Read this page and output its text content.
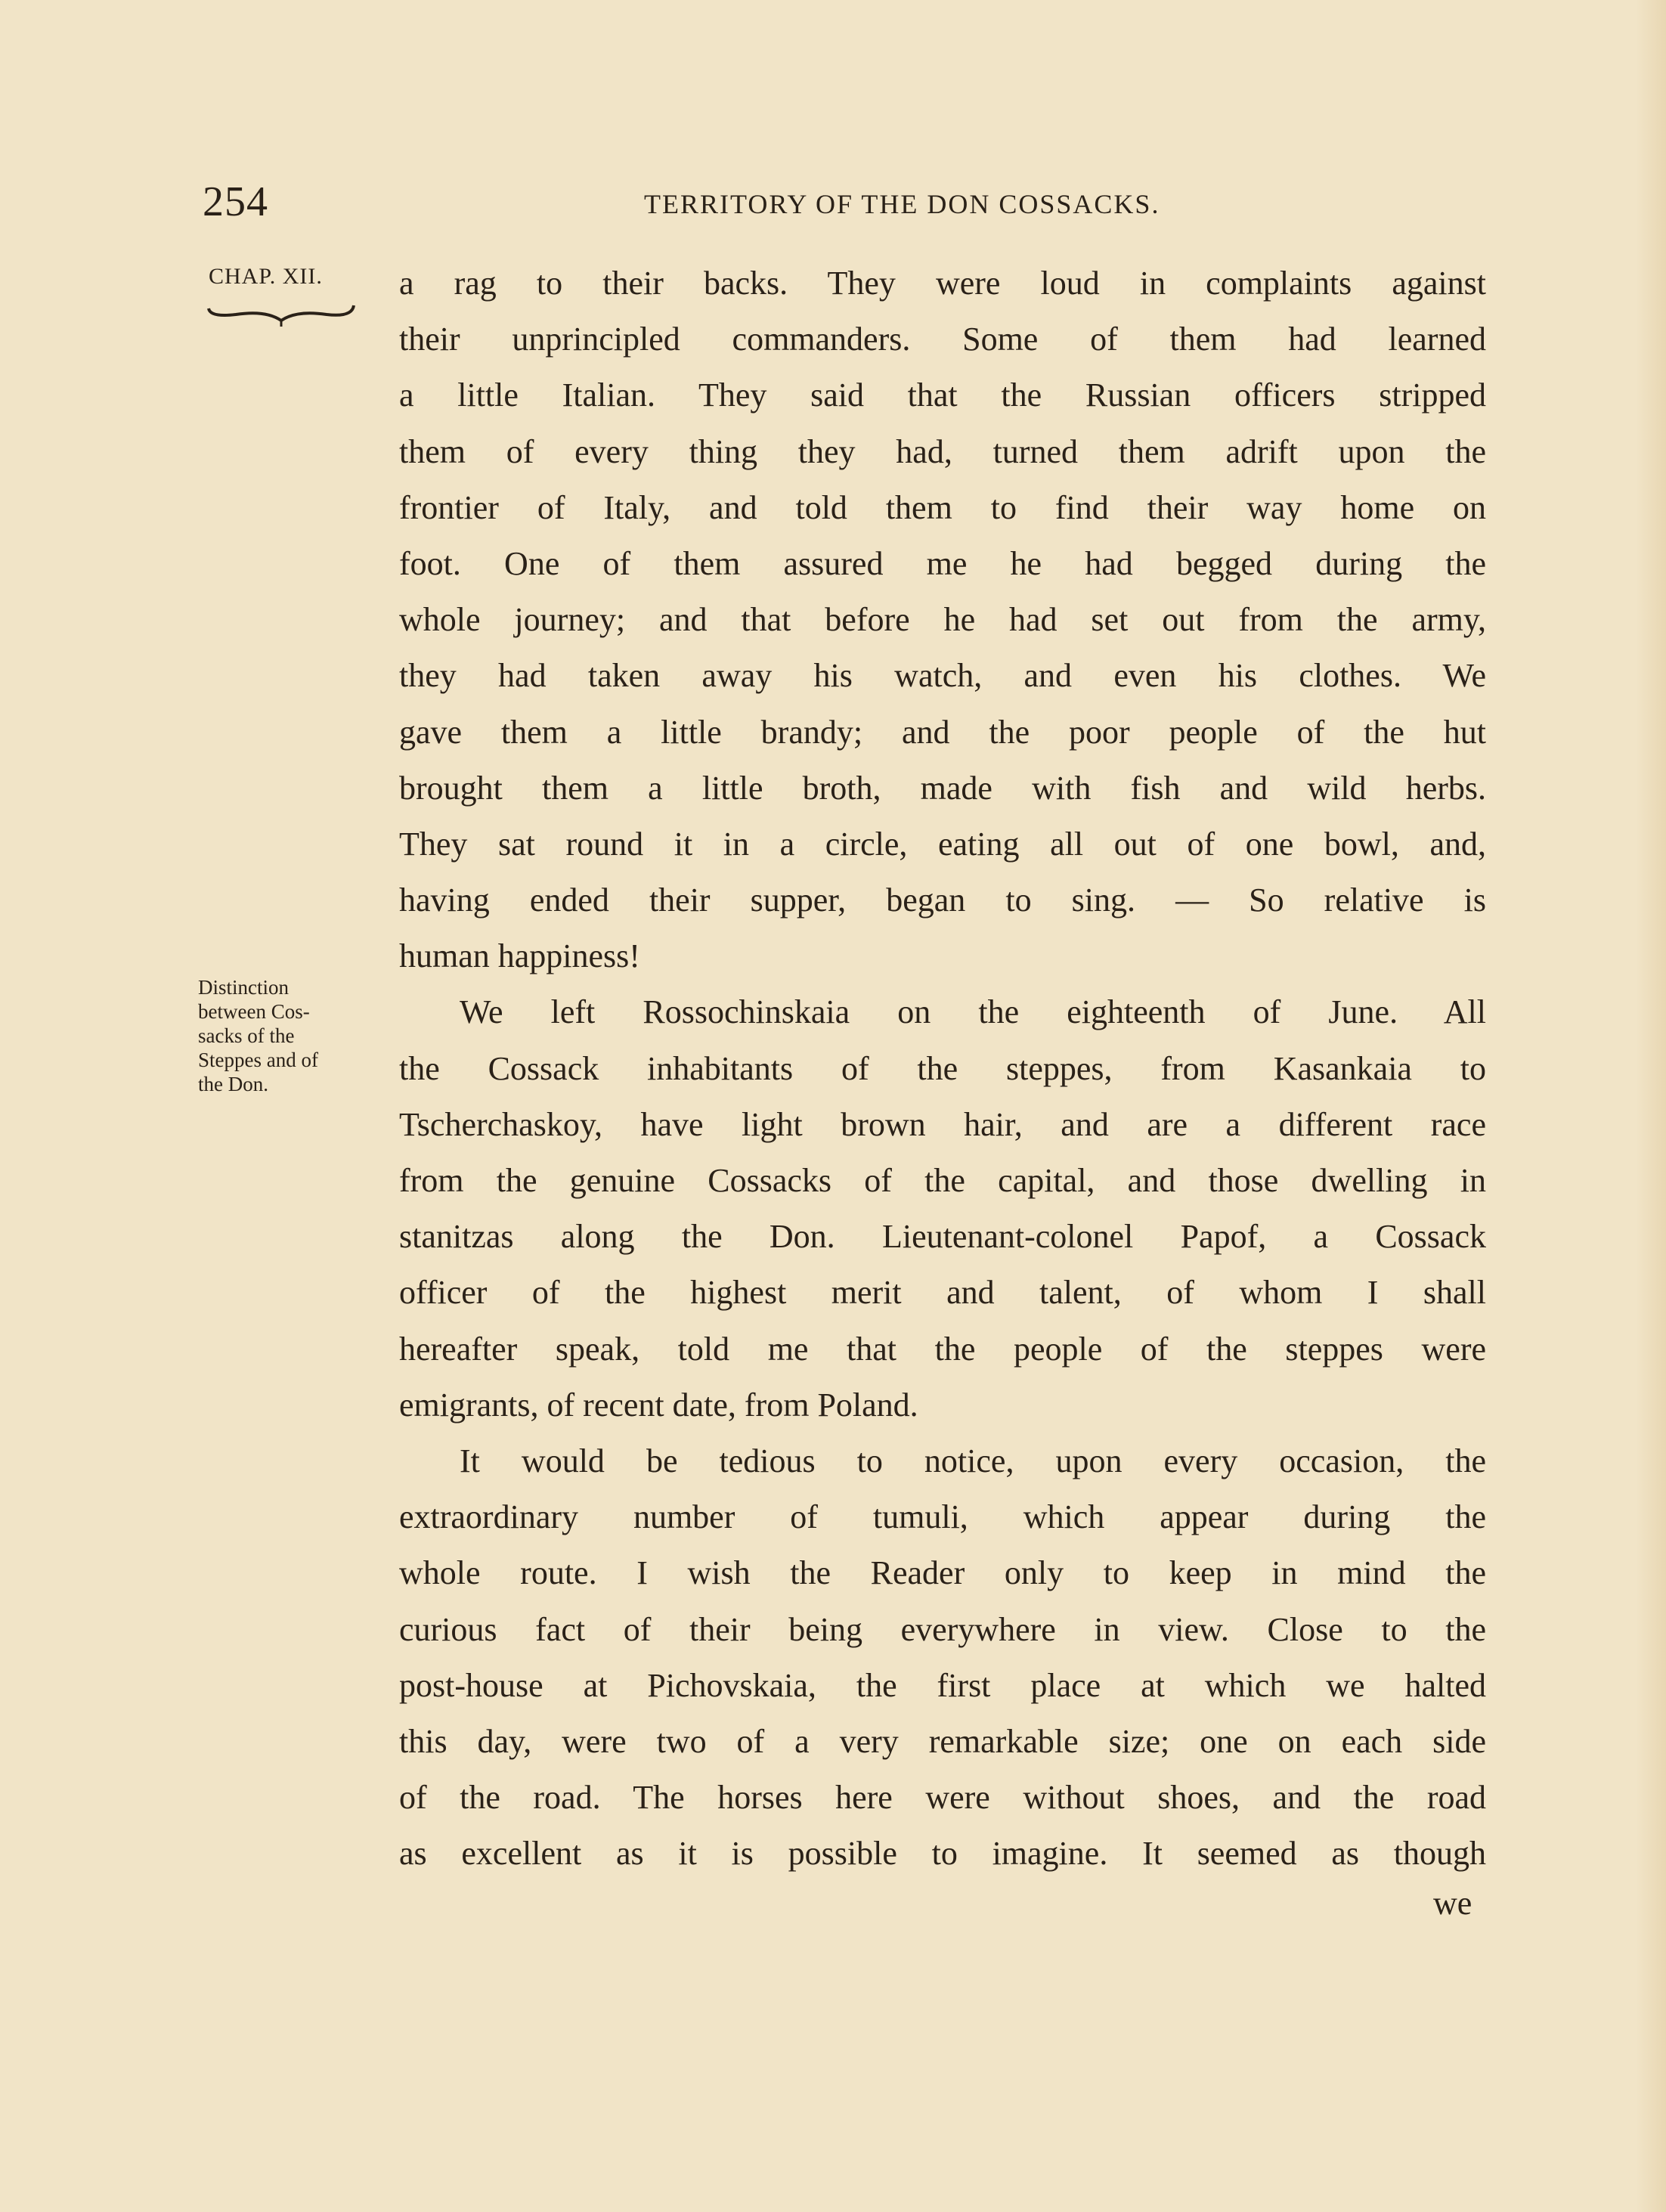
254	TERRITORY OF THE DON COSSACKS.
CHAP. XII.
Distinction
between Cos-
sacks of the
Steppes and of
the Don.
a rag to their backs. They were loud in complaints against
their unprincipled commanders. Some of them had learned
a little Italian. They said that the Russian officers stripped
them of every thing they had, turned them adrift upon the
frontier of Italy, and told them to find their way home on
foot. One of them assured me he had begged during the
whole journey; and that before he had set out from the army,
they had taken away his watch, and even his clothes. We
gave them a little brandy; and the poor people of the hut
brought them a little broth, made with fish and wild herbs.
They sat round it in a circle, eating all out of one bowl, and,
having ended their supper, began to sing. — So relative is
human happiness!
We left Rossochinskaia on the eighteenth of June. All
the Cossack inhabitants of the steppes, from Kasankaia to
Tscherchaskoy, have light brown hair, and are a different race
from the genuine Cossacks of the capital, and those dwelling in
stanitzas along the Don. Lieutenant-colonel Papof, a Cossack
officer of the highest merit and talent, of whom I shall
hereafter speak, told me that the people of the steppes were
emigrants, of recent date, from Poland.
It would be tedious to notice, upon every occasion, the
extraordinary number of tumuli, which appear during the
whole route. I wish the Reader only to keep in mind the
curious fact of their being everywhere in view. Close to the
post-house at Pichovskaia, the first place at which we halted
this day, were two of a very remarkable size; one on each side
of the road. The horses here were without shoes, and the road
as excellent as it is possible to imagine. It seemed as though
we
